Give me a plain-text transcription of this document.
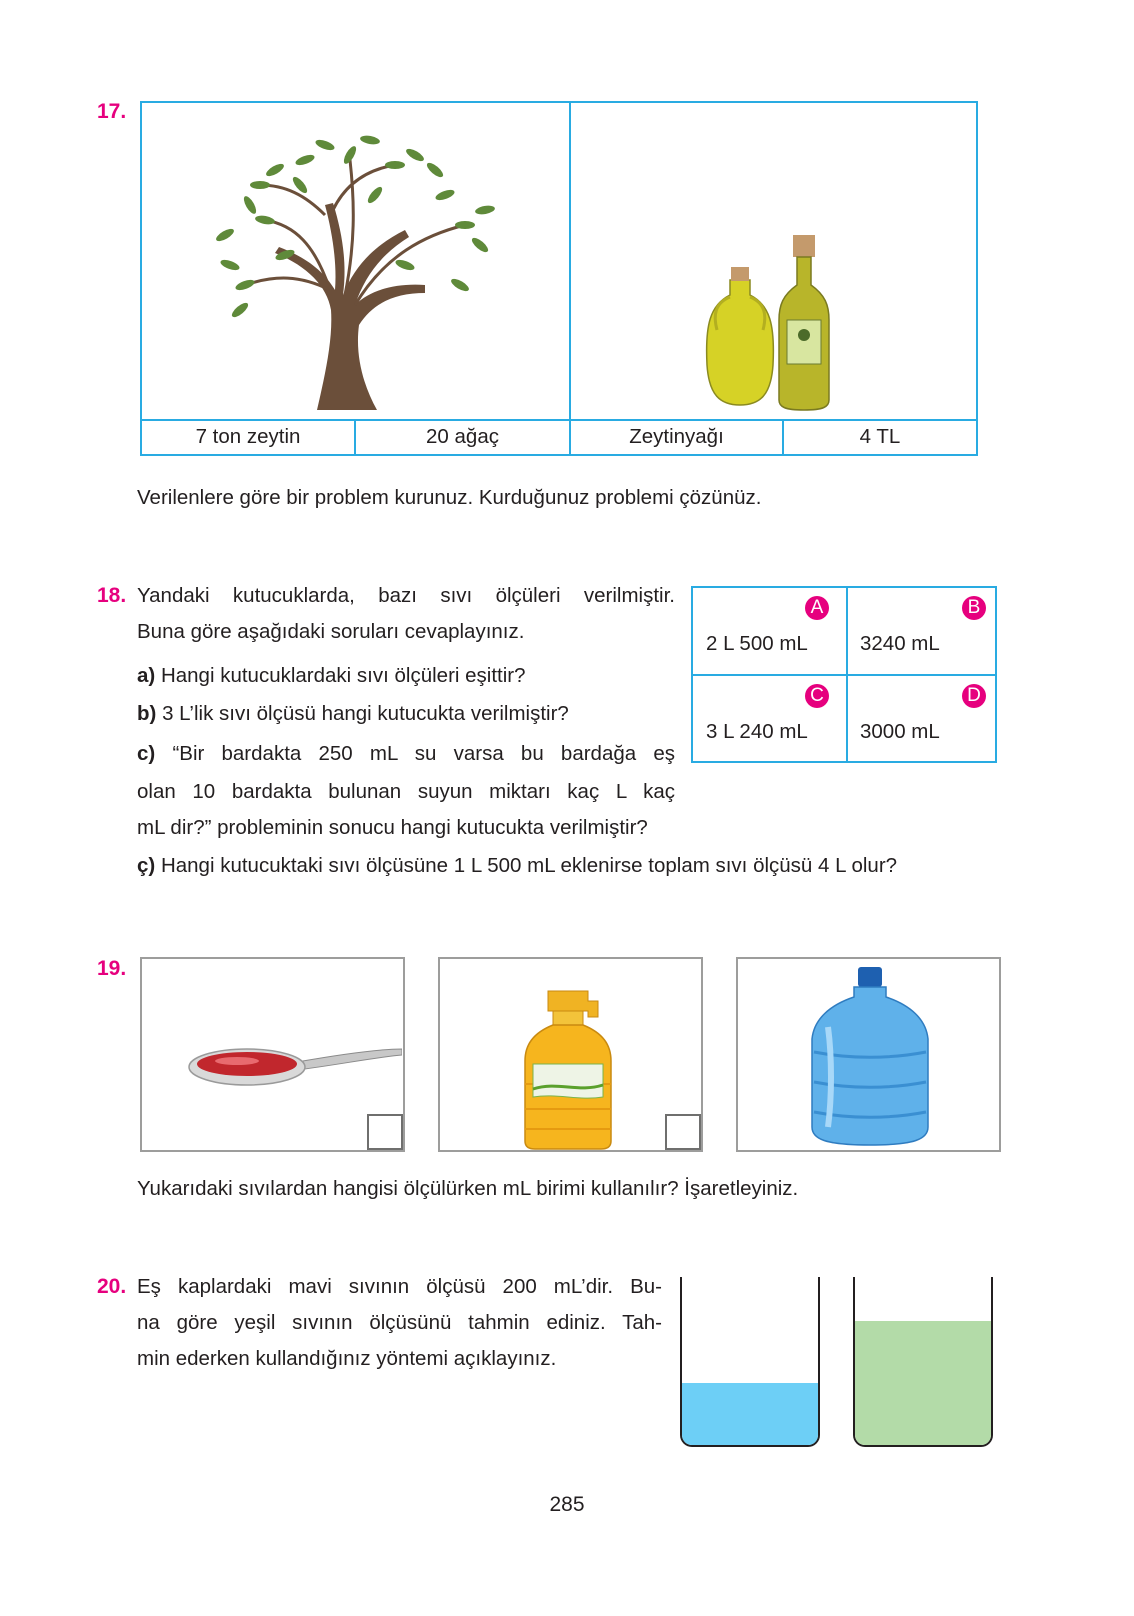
17.
7 ton zeytin	20 ağaç	Zeytinyağı	4 TL
Verilenlere göre bir problem kurunuz. Kurduğunuz problemi çözünüz.
18. Yandaki kutucuklarda, bazı sıvı ölçüleri verilmiştir.
Buna göre aşağıdaki soruları cevaplayınız.
a) Hangi kutucuklardaki sıvı ölçüleri eşittir?
b) 3 L’lik sıvı ölçüsü hangi kutucukta verilmiştir?
c) “Bir bardakta 250 mL su varsa bu bardağa eş
olan 10 bardakta bulunan suyun miktarı kaç L kaç
mL dir?” probleminin sonucu hangi kutucukta verilmiştir?
ç) Hangi kutucuktaki sıvı ölçüsüne 1 L 500 mL eklenirse toplam sıvı ölçüsü 4 L olur?
A
2 L 500 mL
B
3240 mL
C
3 L 240 mL
D
3000 mL
19.
Yukarıdaki sıvılardan hangisi ölçülürken mL birimi kullanılır? İşaretleyiniz.
20. Eş kaplardaki mavi sıvının ölçüsü 200 mL’dir. Bu-
na göre yeşil sıvının ölçüsünü tahmin ediniz. Tah-
min ederken kullandığınız yöntemi açıklayınız.
285
